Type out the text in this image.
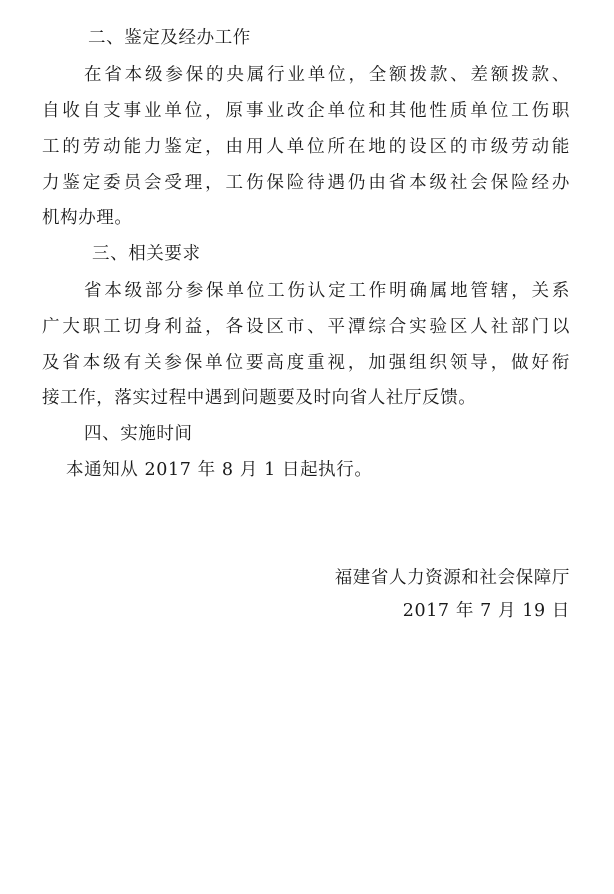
二、鉴定及经办工作
在省本级参保的央属行业单位，全额拨款、差额拨款、
自收自支事业单位，原事业改企单位和其他性质单位工伤职
工的劳动能力鉴定，由用人单位所在地的设区的市级劳动能
力鉴定委员会受理，工伤保险待遇仍由省本级社会保险经办
机构办理。
三、相关要求
省本级部分参保单位工伤认定工作明确属地管辖，关系
广大职工切身利益，各设区市、平潭综合实验区人社部门以
及省本级有关参保单位要高度重视，加强组织领导，做好衔
接工作，落实过程中遇到问题要及时向省人社厅反馈。
四、实施时间
本通知从 2017 年 8 月 1 日起执行。
福建省人力资源和社会保障厅
2017 年 7 月 19 日
